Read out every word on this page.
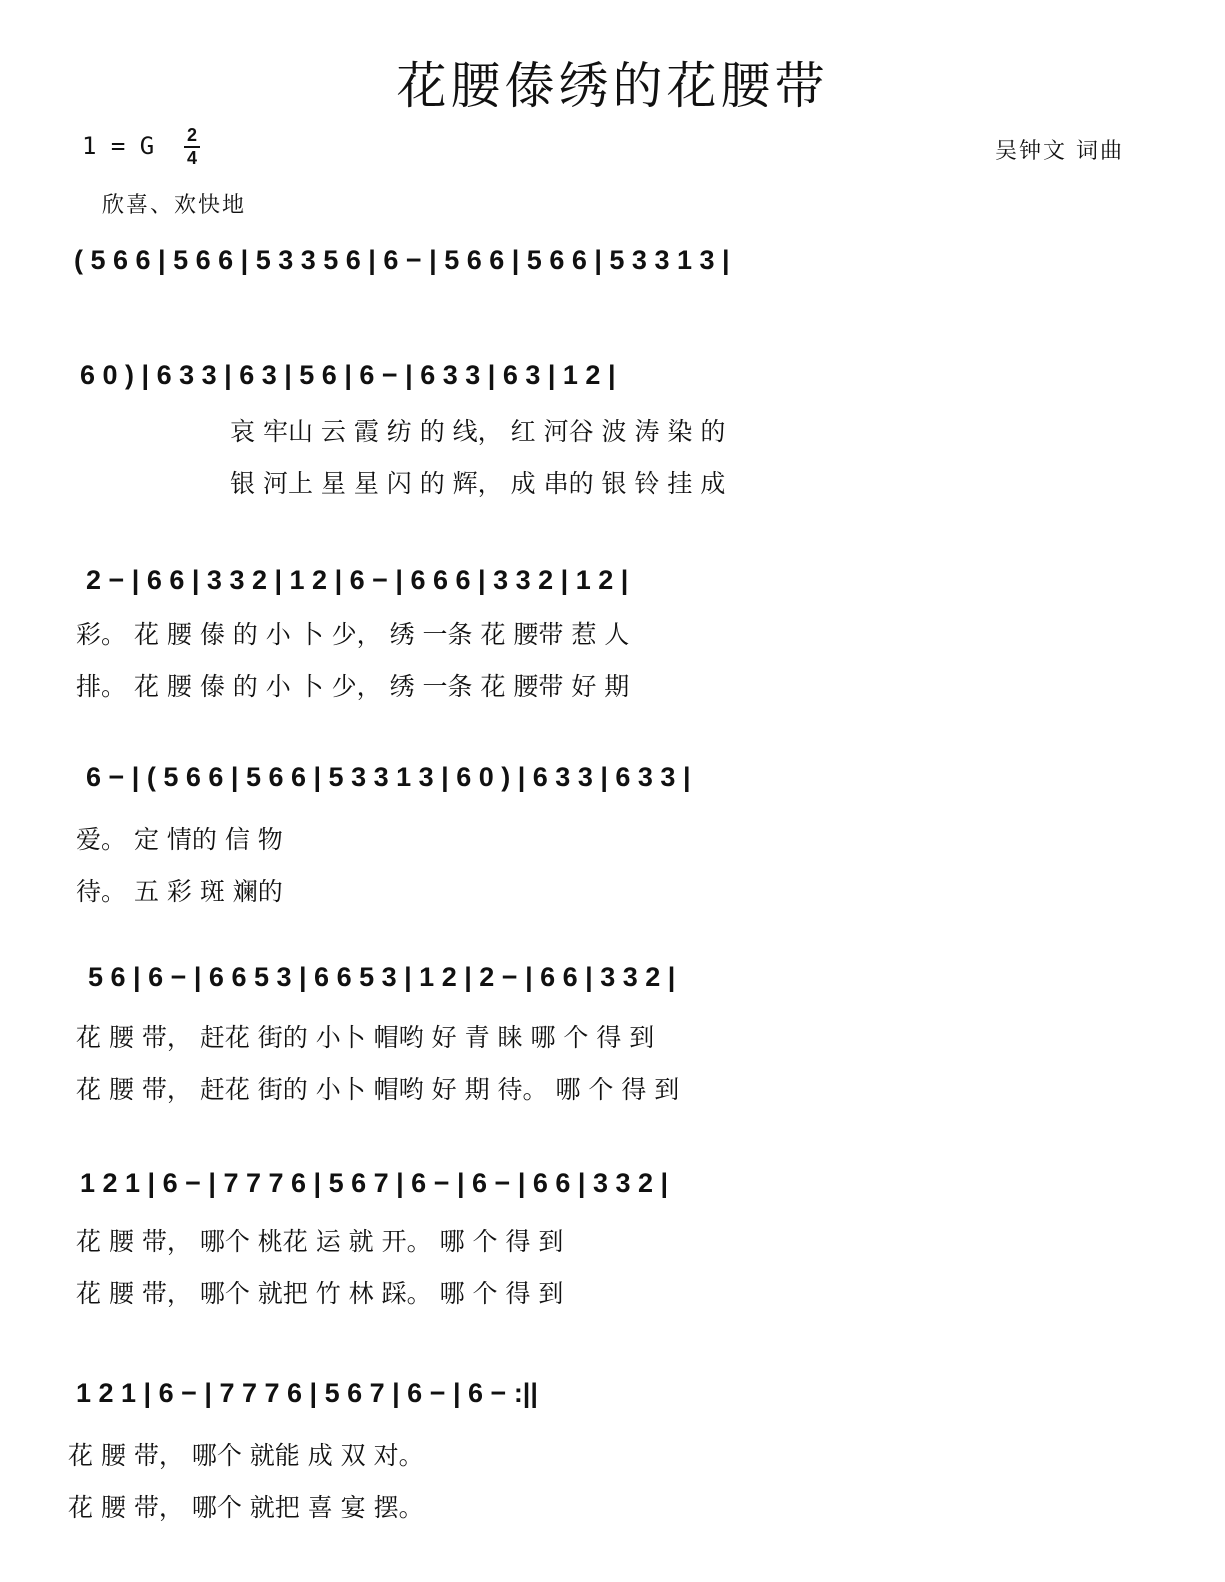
花腰傣绣的花腰带
1 = G 2
4	吴钟文 词曲
欣喜、欢快地
( 5 6 6 | 5 6 6 | 5 3 3 5 6 | 6 − | 5 6 6 | 5 6 6 | 5 3 3 1 3 |
6 0 ) | 6 3 3 | 6 3 | 5 6 | 6 − | 6 3 3 | 6 3 | 1 2 |
哀 牢山 云 霞 纺 的 线， 红 河谷 波 涛 染 的
银 河上 星 星 闪 的 辉， 成 串的 银 铃 挂 成
2 − | 6 6 | 3 3 2 | 1 2 | 6 − | 6 6 6 | 3 3 2 | 1 2 |
彩。 花 腰 傣 的 小 卜 少， 绣 一条 花 腰带 惹 人
排。 花 腰 傣 的 小 卜 少， 绣 一条 花 腰带 好 期
6 − | ( 5 6 6 | 5 6 6 | 5 3 3 1 3 | 6 0 ) | 6 3 3 | 6 3 3 |
爱。 定 情的 信 物
待。 五 彩 斑 斓的
5 6 | 6 − | 6 6 5 3 | 6 6 5 3 | 1 2 | 2 − | 6 6 | 3 3 2 |
花 腰 带， 赶花 街的 小卜 帽哟 好 青 睐 哪 个 得 到
花 腰 带， 赶花 街的 小卜 帽哟 好 期 待。 哪 个 得 到
1 2 1 | 6 − | 7 7 7 6 | 5 6 7 | 6 − | 6 − | 6 6 | 3 3 2 |
花 腰 带， 哪个 桃花 运 就 开。 哪 个 得 到
花 腰 带， 哪个 就把 竹 林 踩。 哪 个 得 到
1 2 1 | 6 − | 7 7 7 6 | 5 6 7 | 6 − | 6 − :||
花 腰 带， 哪个 就能 成 双 对。
花 腰 带， 哪个 就把 喜 宴 摆。
